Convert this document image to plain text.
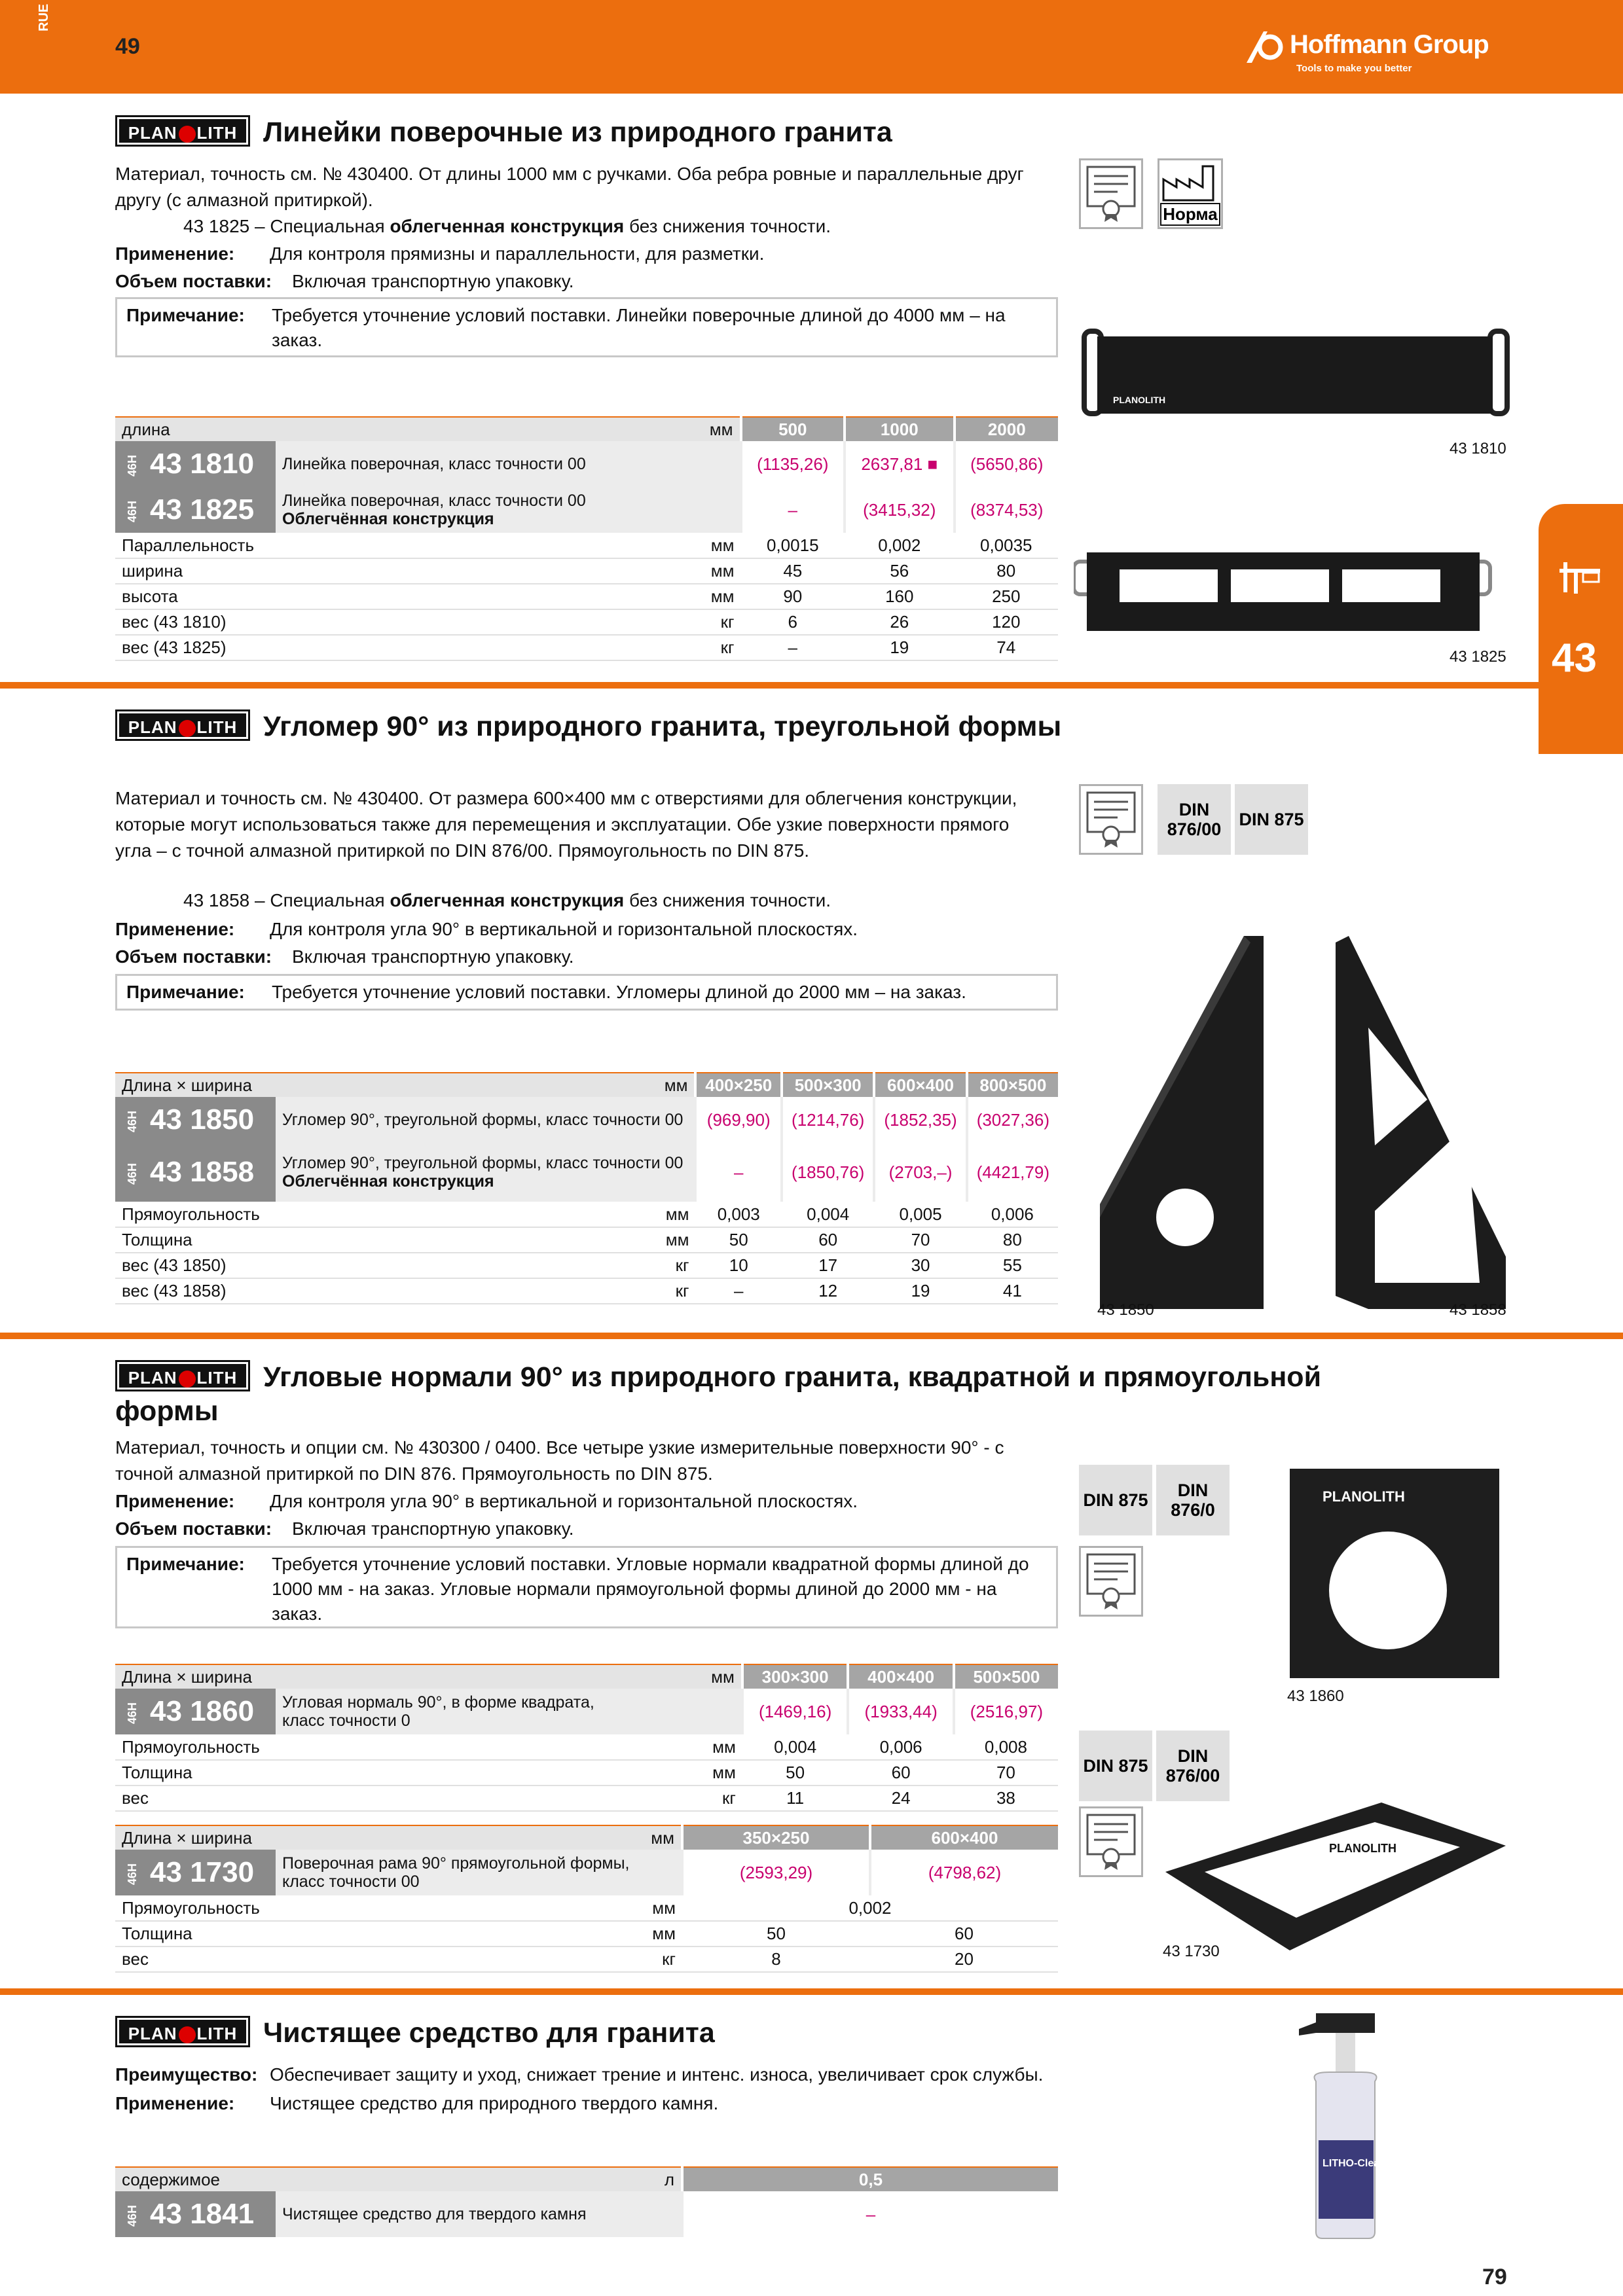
RUE
49	Hoffmann Group
Tools to make you better
43
PLAN LITH Линейки поверочные из природного гранита
Материал, точность см. № 430400. От длины 1000 мм с ручками. Оба ребра ровные и параллельные друг другу (с алмазной притиркой).
43 1825 – Специальная облегченная конструкция без снижения точности.
Применение: Для контроля прямизны и параллельности, для разметки.
Объем поставки: Включая транспортную упаковку.
Примечание: Требуется уточнение условий поставки. Линейки поверочные длиной до 4000 мм – на заказ.
Норма
длина		мм	500	1000	2000
46H 43 1810	Линейка поверочная, класс точности 00		(1135,26)	2637,81 ■	(5650,86)
46H 43 1825	Линейка поверочная, класс точности 00
Облегчённая конструкция		–	(3415,32)	(8374,53)
Параллельность		мм	0,0015	0,002	0,0035
ширина		мм	45	56	80
высота		мм	90	160	250
вес (43 1810)		кг	6	26	120
вес (43 1825)		кг	–	19	74
PLANOLITH
43 1810
43 1825
PLAN LITH Угломер 90° из природного гранита, треугольной формы
Материал и точность см. № 430400. От размера 600×400 мм с отверстиями для облегчения конструкции, которые могут использоваться также для перемещения и эксплуатации. Обе узкие поверхности прямого угла – с точной алмазной притиркой по DIN 876/00. Прямоугольность по DIN 875.
43 1858 – Специальная облегченная конструкция без снижения точности.
Применение: Для контроля угла 90° в вертикальной и горизонтальной плоскостях.
Объем поставки: Включая транспортную упаковку.
Примечание: Требуется уточнение условий поставки. Угломеры длиной до 2000 мм – на заказ.
DIN 876/00	DIN 875
Длина × ширина		мм	400×250	500×300	600×400	800×500
46H 43 1850	Угломер 90°, треугольной формы, класс точности 00		(969,90)	(1214,76)	(1852,35)	(3027,36)
46H 43 1858	Угломер 90°, треугольной формы, класс точности 00
Облегчённая конструкция		–	(1850,76)	(2703,–)	(4421,79)
Прямоугольность		мм	0,003	0,004	0,005	0,006
Толщина		мм	50	60	70	80
вес (43 1850)		кг	10	17	30	55
вес (43 1858)		кг	–	12	19	41
43 1850	43 1858
PLAN LITH Угловые нормали 90° из природного гранита, квадратной и прямоугольной формы
Материал, точность и опции см. № 430300 / 0400. Все четыре узкие измерительные поверхности 90° - с точной алмазной притиркой по DIN 876. Прямоугольность по DIN 875.
Применение: Для контроля угла 90° в вертикальной и горизонтальной плоскостях.
Объем поставки: Включая транспортную упаковку.
Примечание: Требуется уточнение условий поставки. Угловые нормали квадратной формы длиной до 1000 мм - на заказ. Угловые нормали прямоугольной формы длиной до 2000 мм - на заказ.
DIN 875	DIN 876/0
DIN 875	DIN 876/00
Длина × ширина		мм	300×300	400×400	500×500
46H 43 1860	Угловая нормаль 90°, в форме квадрата,
класс точности 0		(1469,16)	(1933,44)	(2516,97)
Прямоугольность		мм	0,004	0,006	0,008
Толщина		мм	50	60	70
вес		кг	11	24	38
Длина × ширина		мм	350×250	600×400
46H 43 1730	Поверочная рама 90° прямоугольной формы,
класс точности 00		(2593,29)	(4798,62)
Прямоугольность		мм	0,002	
Толщина		мм	50	60
вес		кг	8	20
PLANOLITH
43 1860
PLANOLITH
43 1730
PLAN LITH Чистящее средство для гранита
Преимущество: Обеспечивает защиту и уход, снижает трение и интенс. износа, увеличивает срок службы.
Применение: Чистящее средство для природного твердого камня.
содержимое		л	0,5
46H 43 1841	Чистящее средство для твердого камня		–
LITHO-Clean
79
